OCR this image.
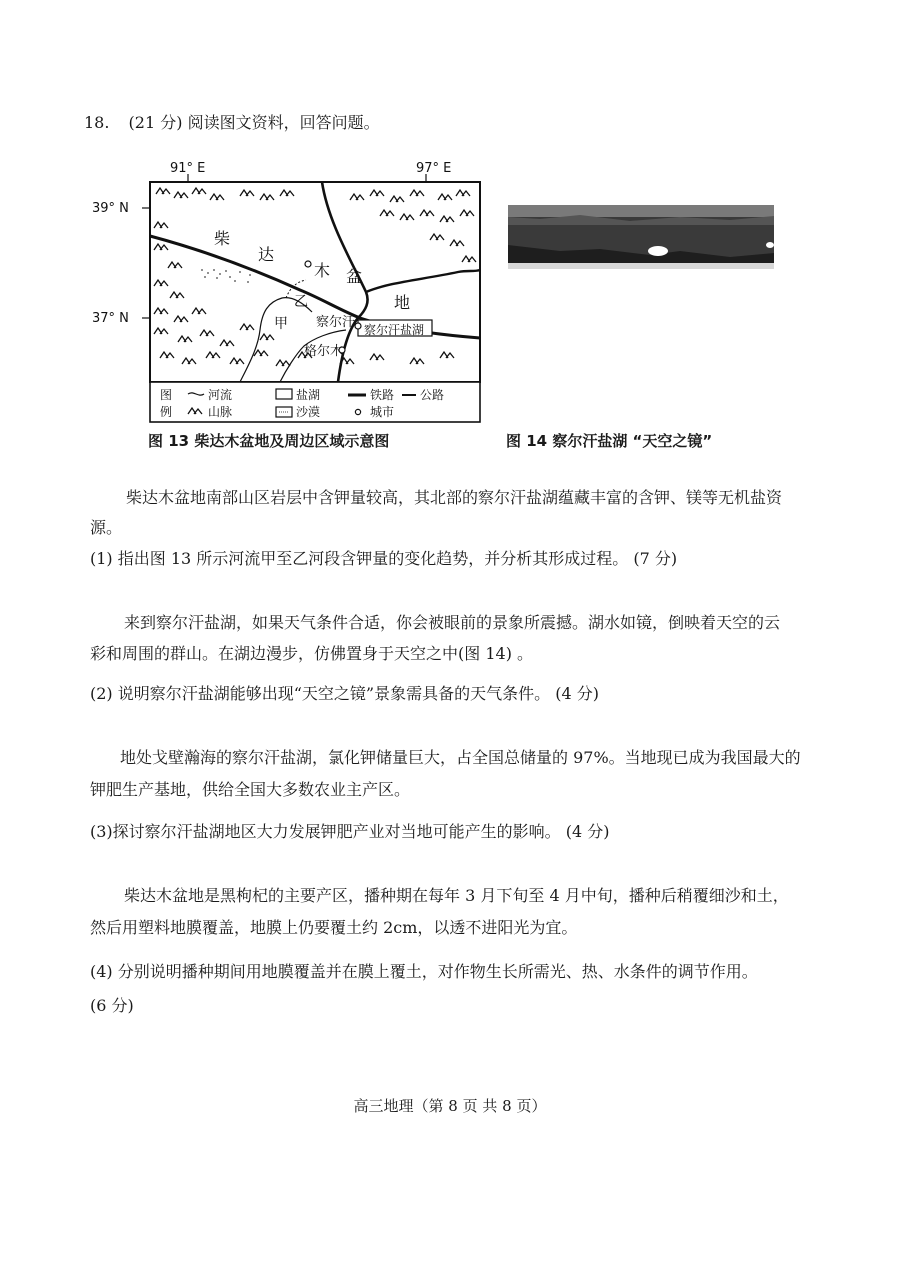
18. (21 分) 阅读图文资料，回答问题。
91° E	97° E
39° N
37° N
柴
达
木 盆
地
甲
乙
察尔汗 察尔汗盐湖
格尔木
图
例
河流	盐湖	铁路 公路
山脉	沙漠	城市
图 13 柴达木盆地及周边区域示意图	图 14 察尔汗盐湖 “天空之镜”
柴达木盆地南部山区岩层中含钾量较高，其北部的察尔汗盐湖蕴藏丰富的含钾、镁等无机盐资
源。
(1) 指出图 13 所示河流甲至乙河段含钾量的变化趋势，并分析其形成过程。 (7 分)
来到察尔汗盐湖，如果天气条件合适，你会被眼前的景象所震撼。湖水如镜，倒映着天空的云
彩和周围的群山。在湖边漫步，仿佛置身于天空之中(图 14) 。
(2) 说明察尔汗盐湖能够出现“天空之镜”景象需具备的天气条件。 (4 分)
地处戈壁瀚海的察尔汗盐湖，氯化钾储量巨大，占全国总储量的 97%。当地现已成为我国最大的
钾肥生产基地，供给全国大多数农业主产区。
(3)探讨察尔汗盐湖地区大力发展钾肥产业对当地可能产生的影响。 (4 分)
柴达木盆地是黑枸杞的主要产区，播种期在每年 3 月下旬至 4 月中旬，播种后稍覆细沙和土，
然后用塑料地膜覆盖，地膜上仍要覆土约 2cm，以透不进阳光为宜。
(4) 分别说明播种期间用地膜覆盖并在膜上覆土，对作物生长所需光、热、水条件的调节作用。
(6 分)
高三地理（第 8 页 共 8 页）
